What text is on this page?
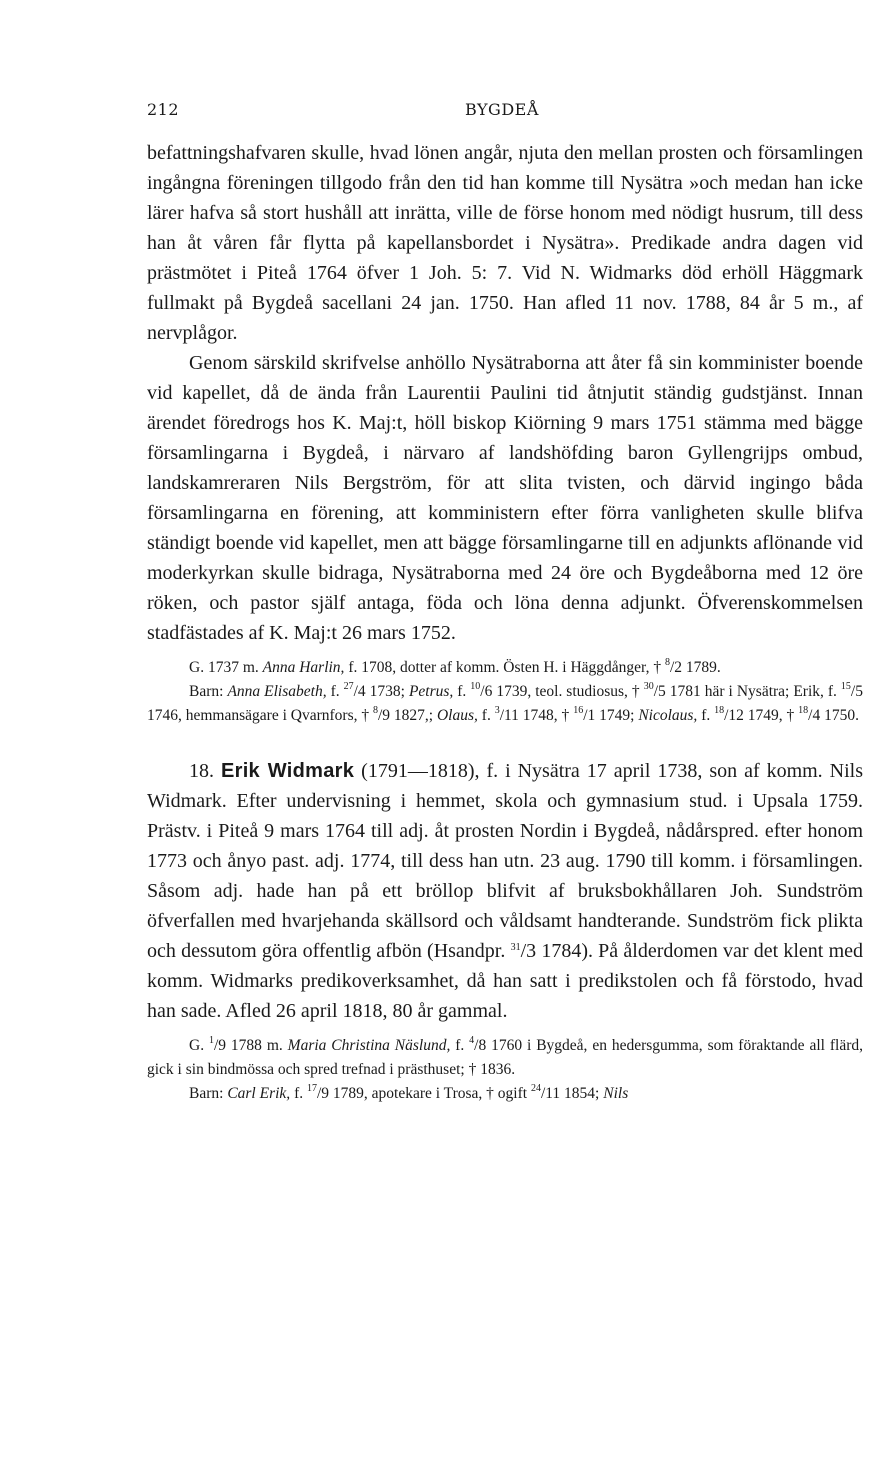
212	BYGDEÅ

befattningshafvaren skulle, hvad lönen angår, njuta den mellan prosten och församlingen ingångna föreningen tillgodo från den tid han komme till Nysätra »och medan han icke lärer hafva så stort hushåll att inrätta, ville de förse honom med nödigt husrum, till dess han åt våren får flytta på kapellansbordet i Nysätra». Predikade andra dagen vid prästmötet i Piteå 1764 öfver 1 Joh. 5: 7. Vid N. Widmarks död erhöll Häggmark fullmakt på Bygdeå sacellani 24 jan. 1750. Han afled 11 nov. 1788, 84 år 5 m., af nervplågor.

Genom särskild skrifvelse anhöllo Nysätraborna att åter få sin komminister boende vid kapellet, då de ända från Laurentii Paulini tid åtnjutit ständig gudstjänst. Innan ärendet föredrogs hos K. Maj:t, höll biskop Kiörning 9 mars 1751 stämma med bägge församlingarna i Bygdeå, i närvaro af landshöfding baron Gyllengrijps ombud, landskamreraren Nils Bergström, för att slita tvisten, och därvid ingingo båda församlingarna en förening, att komministern efter förra vanligheten skulle blifva ständigt boende vid kapellet, men att bägge församlingarne till en adjunkts aflönande vid moderkyrkan skulle bidraga, Nysätraborna med 24 öre och Bygdeåborna med 12 öre röken, och pastor själf antaga, föda och löna denna adjunkt. Öfverenskommelsen stadfästades af K. Maj:t 26 mars 1752.

G. 1737 m. Anna Harlin, f. 1708, dotter af komm. Östen H. i Häggdånger, † $^8$/2 1789.

Barn: Anna Elisabeth, f. $^{27}$/4 1738; Petrus, f. $^{10}$/6 1739, teol. studiosus, † $^{30}$/5 1781 här i Nysätra; Erik, f. $^{15}$/5 1746, hemmansägare i Qvarnfors, † $^8$/9 1827,; Olaus, f. $^3$/11 1748, † $^{16}$/1 1749; Nicolaus, f. $^{18}$/12 1749, † $^{18}$/4 1750.

18. Erik Widmark (1791—1818), f. i Nysätra 17 april 1738, son af komm. Nils Widmark. Efter undervisning i hemmet, skola och gymnasium stud. i Upsala 1759. Prästv. i Piteå 9 mars 1764 till adj. åt prosten Nordin i Bygdeå, nådårspred. efter honom 1773 och ånyo past. adj. 1774, till dess han utn. 23 aug. 1790 till komm. i församlingen. Såsom adj. hade han på ett bröllop blifvit af bruksbokhållaren Joh. Sundström öfverfallen med hvarjehanda skällsord och våldsamt handterande. Sundström fick plikta och dessutom göra offentlig afbön (Hsandpr. $^{31}$/3 1784). På ålderdomen var det klent med komm. Widmarks predikoverksamhet, då han satt i predikstolen och få förstodo, hvad han sade. Afled 26 april 1818, 80 år gammal.

G. $^1$/9 1788 m. Maria Christina Näslund, f. $^4$/8 1760 i Bygdeå, en hedersgumma, som föraktande all flärd, gick i sin bindmössa och spred trefnad i prästhuset; † 1836.

Barn: Carl Erik, f. $^{17}$/9 1789, apotekare i Trosa, † ogift $^{24}$/11 1854; Nils
